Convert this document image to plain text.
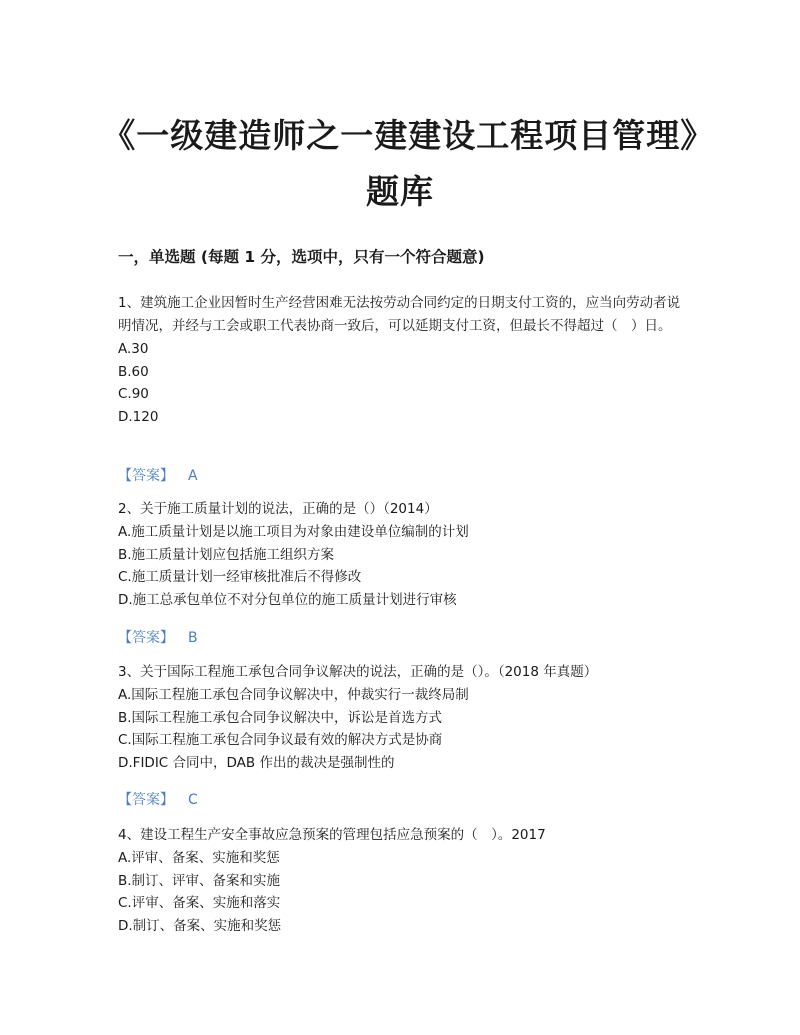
《一级建造师之一建建设工程项目管理》题库
一，单选题 (每题 1 分，选项中，只有一个符合题意)

1、建筑施工企业因暂时生产经营困难无法按劳动合同约定的日期支付工资的，应当向劳动者说明情况，并经与工会或职工代表协商一致后，可以延期支付工资，但最长不得超过（　）日。

A.30
B.60
C.90
D.120
【答案】 A

2、关于施工质量计划的说法，正确的是（）（2014）

A.施工质量计划是以施工项目为对象由建设单位编制的计划
B.施工质量计划应包括施工组织方案
C.施工质量计划一经审核批准后不得修改
D.施工总承包单位不对分包单位的施工质量计划进行审核
【答案】 B

3、关于国际工程施工承包合同争议解决的说法，正确的是（）。（2018 年真题）

A.国际工程施工承包合同争议解决中，仲裁实行一裁终局制
B.国际工程施工承包合同争议解决中，诉讼是首选方式
C.国际工程施工承包合同争议最有效的解决方式是协商
D.FIDIC 合同中，DAB 作出的裁决是强制性的
【答案】 C

4、建设工程生产安全事故应急预案的管理包括应急预案的（　）。2017

A.评审、备案、实施和奖惩
B.制订、评审、备案和实施
C.评审、备案、实施和落实
D.制订、备案、实施和奖惩
